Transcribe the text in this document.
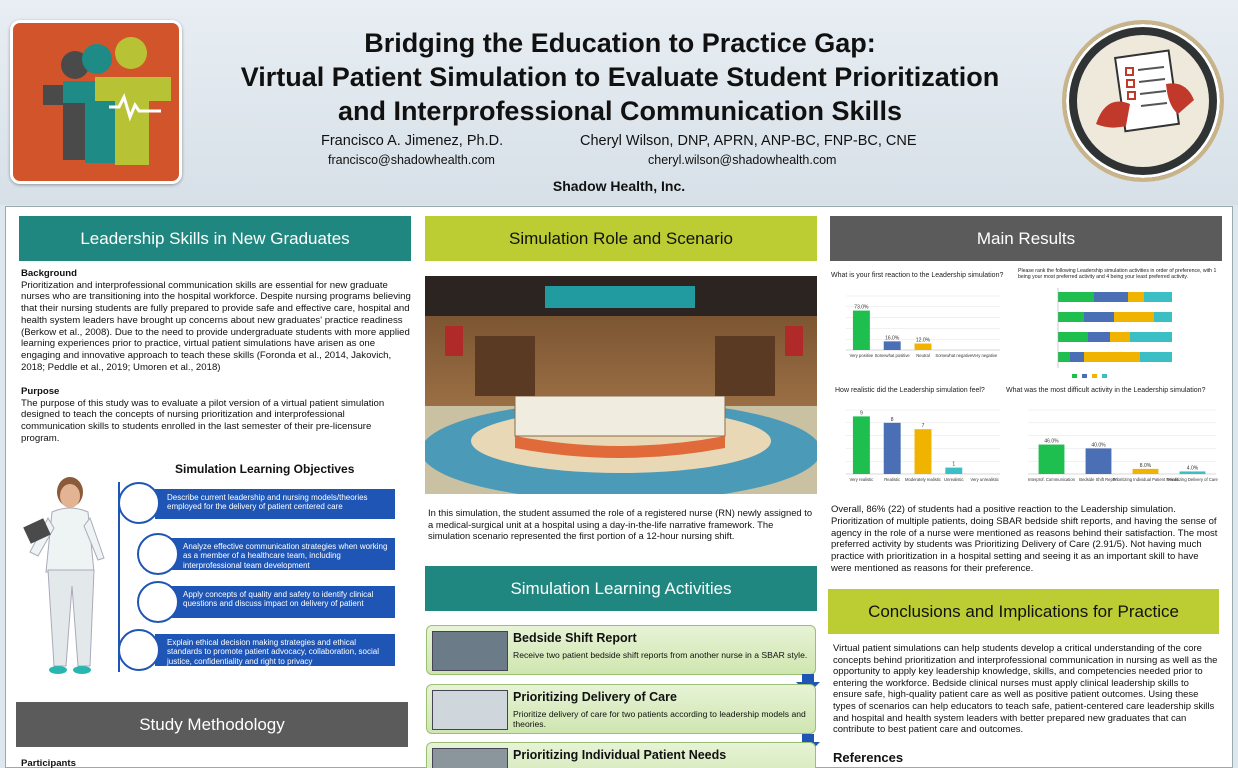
Bridging the Education to Practice Gap:
Virtual Patient Simulation to Evaluate Student Prioritization
and Interprofessional Communication Skills
Francisco A. Jimenez, Ph.D.
francisco@shadowhealth.com
Cheryl Wilson, DNP, APRN, ANP-BC, FNP-BC, CNE
cheryl.wilson@shadowhealth.com
Shadow Health, Inc.
Leadership Skills in New Graduates
Background
Prioritization and interprofessional communication skills are essential for new graduate nurses who are transitioning into the hospital workforce. Despite nursing programs believing that their nursing students are fully prepared to provide safe and effective care, hospital and health system leaders have brought up concerns about new graduates' practice readiness (Berkow et al., 2008). Due to the need to provide undergraduate students with more applied learning experiences prior to practice, virtual patient simulations have arisen as one engaging and innovative approach to teach these skills (Foronda et al., 2014, Jakovich, 2018; Peddle et al., 2019; Umoren et al., 2018)
Purpose
The purpose of this study was to evaluate a pilot version of a virtual patient simulation designed to teach the concepts of nursing prioritization and interprofessional communication skills to students enrolled in the last semester of their pre-licensure program.
Simulation Learning Objectives
Describe current leadership and nursing models/theories employed for the delivery of patient centered care
Analyze effective communication strategies when working as a member of a healthcare team, including interprofessional team development
Apply concepts of quality and safety to identify clinical questions and discuss impact on delivery of patient
Explain ethical decision making strategies and ethical standards to promote patient advocacy, collaboration, social justice, confidentiality and right to privacy
Study Methodology
Participants
Simulation Role and Scenario
In this simulation, the student assumed the role of a registered nurse (RN) newly assigned to a medical-surgical unit at a hospital using a day-in-the-life narrative framework. The simulation scenario represented the first portion of a 12-hour nursing shift.
Simulation Learning Activities
Bedside Shift Report
Receive two patient bedside shift reports from another nurse in a SBAR style.
Prioritizing Delivery of Care
Prioritize delivery of care for two patients according to leadership models and theories.
Prioritizing Individual Patient Needs
Main Results
What is your first reaction to the Leadership simulation?
Please rank the following Leadership simulation activities in order of preference, with 1 being your most preferred activity and 4 being your least preferred activity.
How realistic did the Leadership simulation feel?	What was the most difficult activity in the Leadership simulation?
73.0%
Very positive
16.0%
Somewhat positive
12.0%
Neutral Somewhat negative Very negative
9
Very realistic
8
Realistic
7
Moderately realistic
1
Unrealistic Very unrealistic
46.0%
Interprof. Communication
40.0%
Bedside Shift Report
8.0%
Prioritizing Individual Patient Needs
4.0%
Prioritizing Delivery of Care
Overall, 86% (22) of students had a positive reaction to the Leadership simulation. Prioritization of multiple patients, doing SBAR bedside shift reports, and having the sense of agency in the role of a nurse were mentioned as reasons behind their satisfaction. The most preferred activity by students was Prioritizing Delivery of Care (2.91/5). Not having much practice with prioritization in a hospital setting and seeing it as an important skill to have were mentioned as reasons for their preference.
Conclusions and Implications for Practice
Virtual patient simulations can help students develop a critical understanding of the core concepts behind prioritization and interprofessional communication in nursing as well as the opportunity to apply key leadership knowledge, skills, and competencies needed prior to entering the workforce. Bedside clinical nurses must apply clinical leadership skills to ensure safe, high-quality patient care as well as positive patient outcomes. Using these types of scenarios can help educators to teach safe, patient-centered care leadership skills and hospital and health system leaders with better prepared new graduates that can contribute to best patient care and outcomes.
References
